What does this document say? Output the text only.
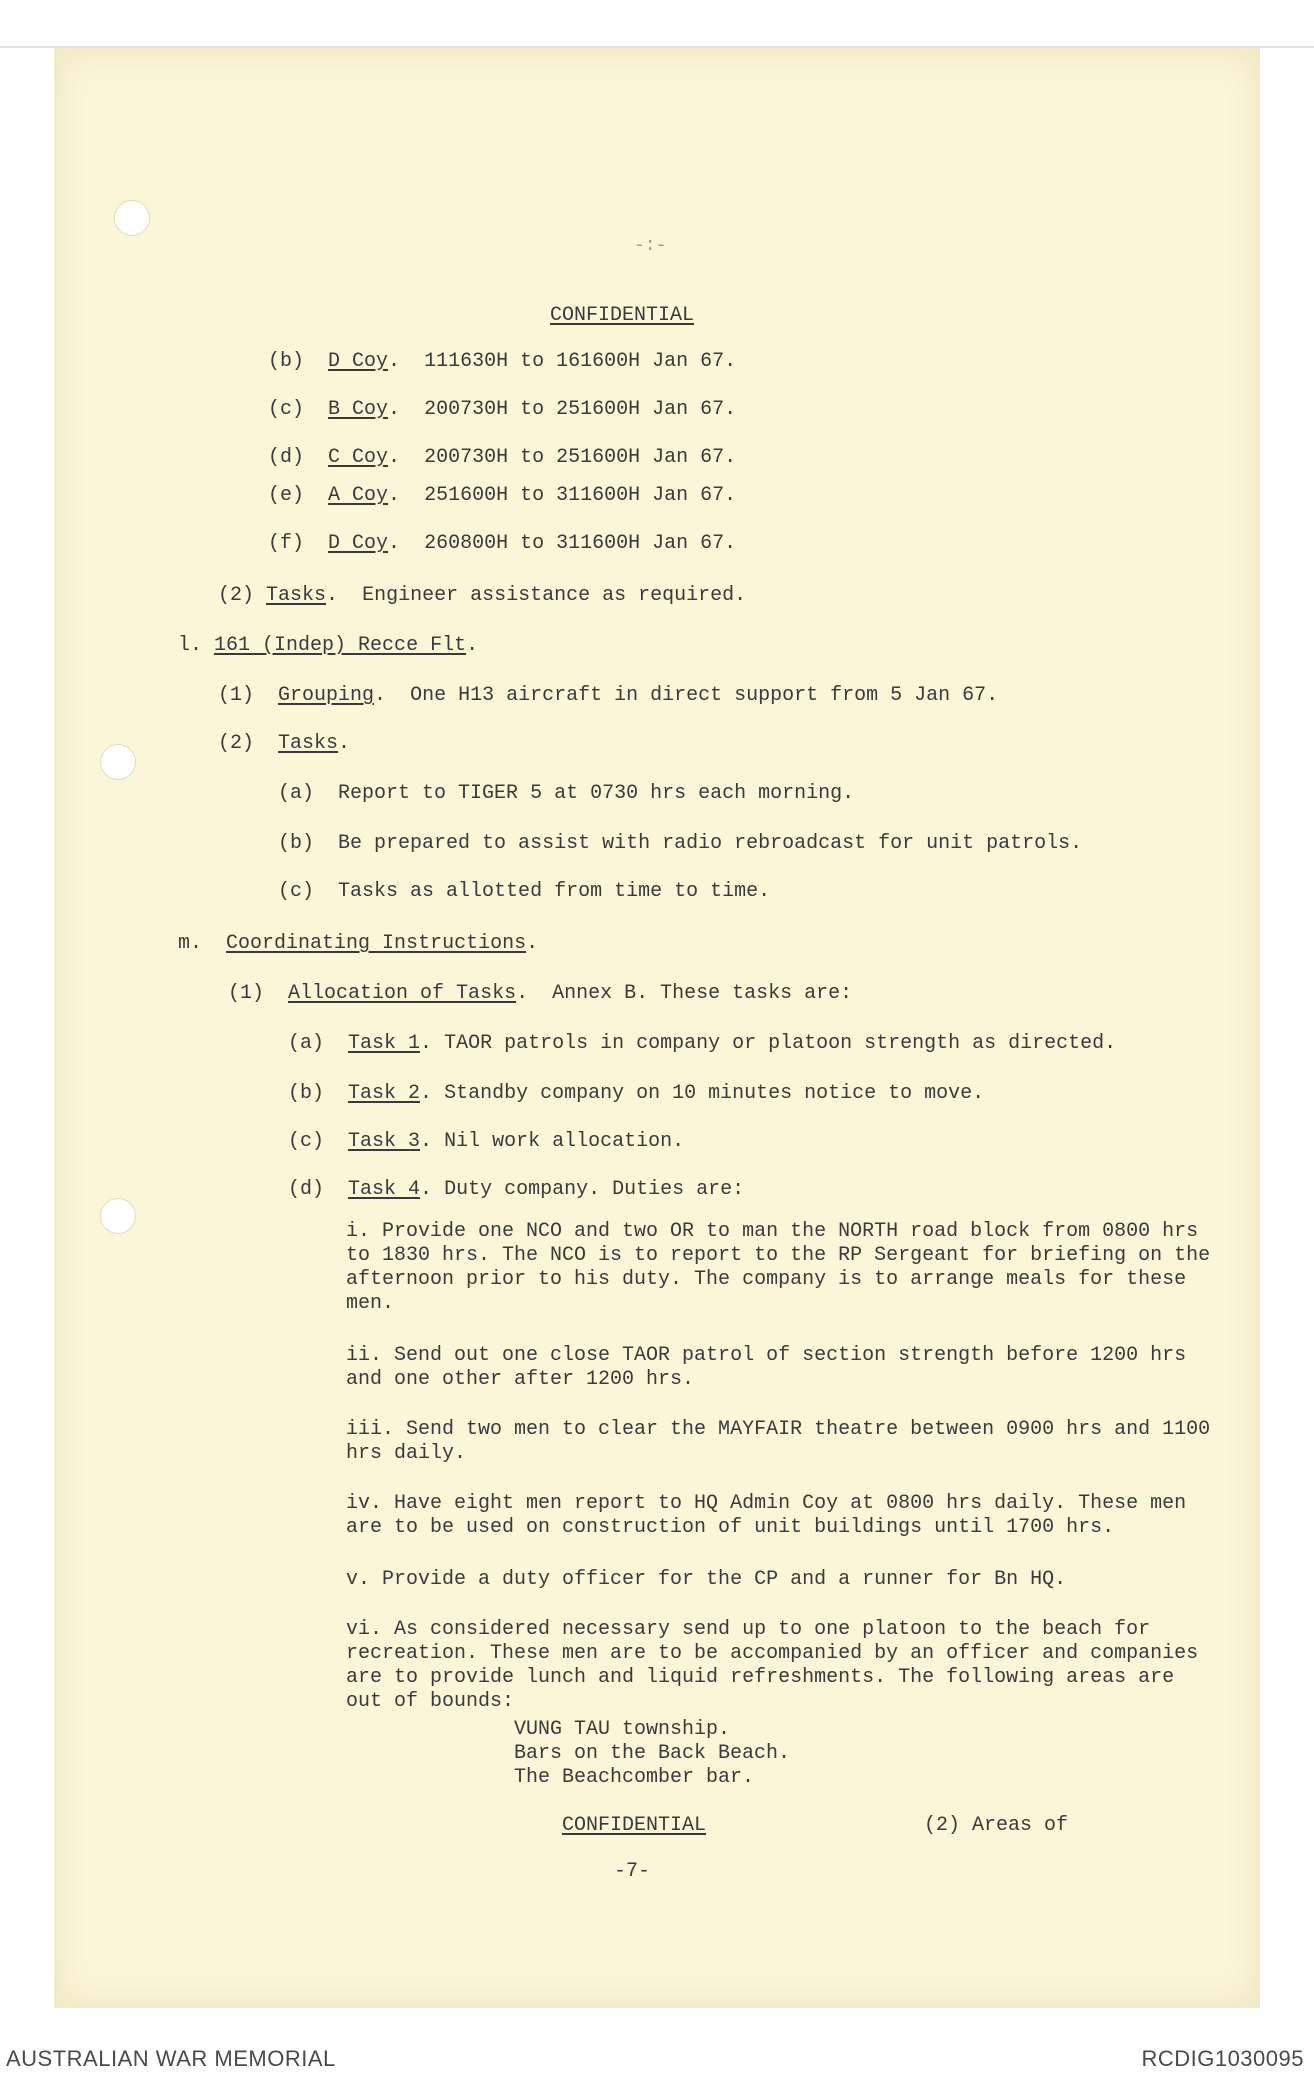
-:-
CONFIDENTIAL
(b) D Coy.  111630H to 161600H Jan 67.
(c) B Coy.  200730H to 251600H Jan 67.
(d) C Coy.  200730H to 251600H Jan 67.
(e) A Coy.  251600H to 311600H Jan 67.
(f) D Coy.  260800H to 311600H Jan 67.
(2) Tasks.  Engineer assistance as required.
l. 161 (Indep) Recce Flt.
(1) Grouping.  One H13 aircraft in direct support from 5 Jan 67.
(2) Tasks.
(a) Report to TIGER 5 at 0730 hrs each morning.
(b) Be prepared to assist with radio rebroadcast for unit patrols.
(c) Tasks as allotted from time to time.
m. Coordinating Instructions.
(1) Allocation of Tasks.  Annex B. These tasks are:
(a) Task 1. TAOR patrols in company or platoon strength as directed.
(b) Task 2. Standby company on 10 minutes notice to move.
(c) Task 3. Nil work allocation.
(d) Task 4. Duty company. Duties are:
i. Provide one NCO and two OR to man the NORTH road block from 0800 hrs to 1830 hrs. The NCO is to report to the RP Sergeant for briefing on the afternoon prior to his duty. The company is to arrange meals for these men.
ii. Send out one close TAOR patrol of section strength before 1200 hrs and one other after 1200 hrs.
iii. Send two men to clear the MAYFAIR theatre between 0900 hrs and 1100 hrs daily.
iv. Have eight men report to HQ Admin Coy at 0800 hrs daily. These men are to be used on construction of unit buildings until 1700 hrs.
v. Provide a duty officer for the CP and a runner for Bn HQ.
vi. As considered necessary send up to one platoon to the beach for recreation. These men are to be accompanied by an officer and companies are to provide lunch and liquid refreshments. The following areas are out of bounds:
VUNG TAU township.
Bars on the Back Beach.
The Beachcomber bar.
CONFIDENTIAL	(2) Areas of
-7-
AUSTRALIAN WAR MEMORIAL	RCDIG1030095
